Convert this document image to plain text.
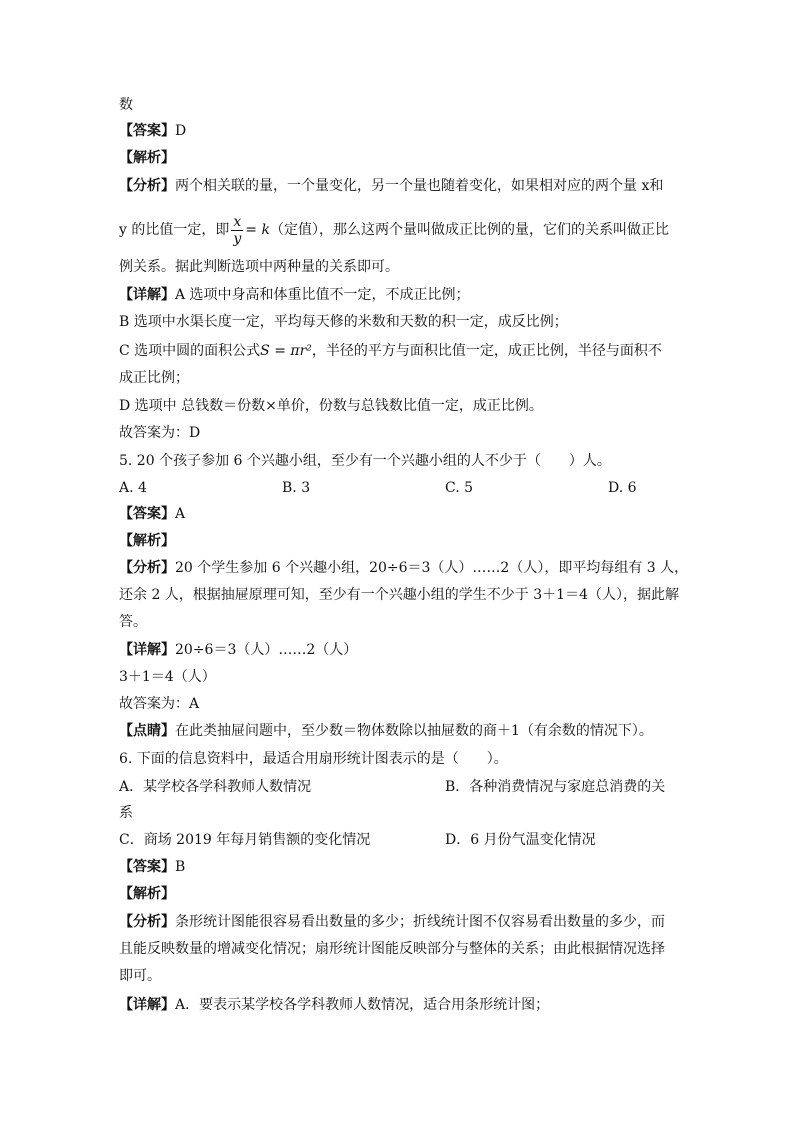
数
【答案】D
【解析】
【分析】两个相关联的量，一个量变化，另一个量也随着变化，如果相对应的两个量 x和
y 的比值一定，即 $\frac{x}{y} = k$（定值），那么这两个量叫做成正比例的量，它们的关系叫做正比
例关系。据此判断选项中两种量的关系即可。
【详解】A 选项中身高和体重比值不一定，不成正比例；
B 选项中水渠长度一定，平均每天修的米数和天数的积一定，成反比例；
C 选项中圆的面积公式S = πr²，半径的平方与面积比值一定，成正比例，半径与面积不
成正比例；
D 选项中 总钱数＝份数×单价，份数与总钱数比值一定，成正比例。
故答案为：D
5. 20 个孩子参加 6 个兴趣小组，至少有一个兴趣小组的人不少于（　　）人。
A. 4	B. 3	C. 5	D. 6
【答案】A
【解析】
【分析】20 个学生参加 6 个兴趣小组，20÷6＝3（人）……2（人），即平均每组有 3 人，
还余 2 人，根据抽屉原理可知，至少有一个兴趣小组的学生不少于 3＋1＝4（人），据此解
答。
【详解】20÷6＝3（人）……2（人）
3＋1＝4（人）
故答案为：A
【点睛】在此类抽屉问题中，至少数＝物体数除以抽屉数的商＋1（有余数的情况下）。
6. 下面的信息资料中，最适合用扇形统计图表示的是（　　）。
A．某学校各学科教师人数情况	B．各种消费情况与家庭总消费的关
系
C．商场 2019 年每月销售额的变化情况	D．6 月份气温变化情况
【答案】B
【解析】
【分析】条形统计图能很容易看出数量的多少；折线统计图不仅容易看出数量的多少，而
且能反映数量的增减变化情况；扇形统计图能反映部分与整体的关系；由此根据情况选择
即可。
【详解】A．要表示某学校各学科教师人数情况，适合用条形统计图；
